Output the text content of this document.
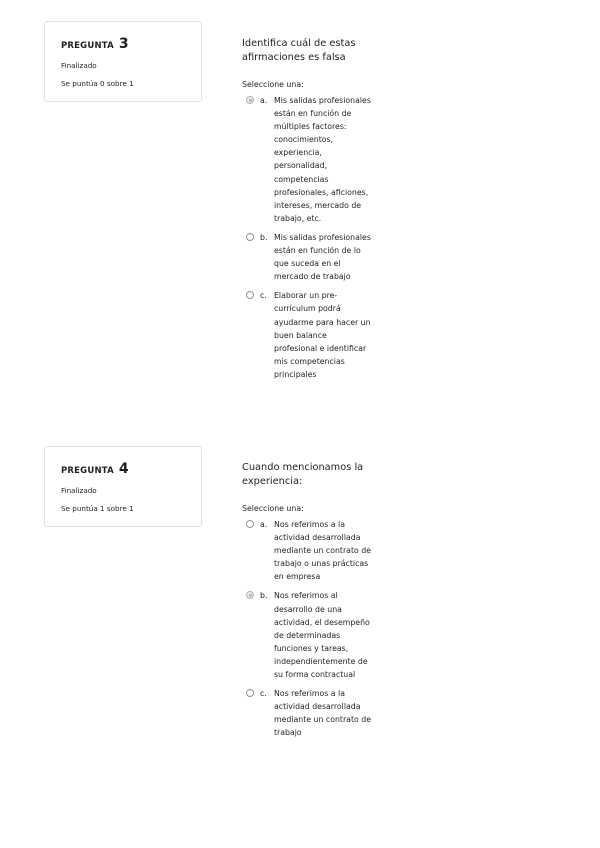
PREGUNTA 3
Finalizado
Se puntúa 0 sobre 1
Identifica cuál de estas afirmaciones es falsa
Seleccione una:
a. Mis salidas profesionales están en función de múltiples factores: conocimientos, experiencia, personalidad, competencias profesionales, aficiones, intereses, mercado de trabajo, etc.
b. Mis salidas profesionales están en función de lo que suceda en el mercado de trabajo
c. Elaborar un pre-currículum podrá ayudarme para hacer un buen balance profesional e identificar mis competencias principales
PREGUNTA 4
Finalizado
Se puntúa 1 sobre 1
Cuando mencionamos la experiencia:
Seleccione una:
a. Nos referimos a la actividad desarrollada mediante un contrato de trabajo o unas prácticas en empresa
b. Nos referimos al desarrollo de una actividad, el desempeño de determinadas funciones y tareas, independientemente de su forma contractual
c. Nos referimos a la actividad desarrollada mediante un contrato de trabajo
